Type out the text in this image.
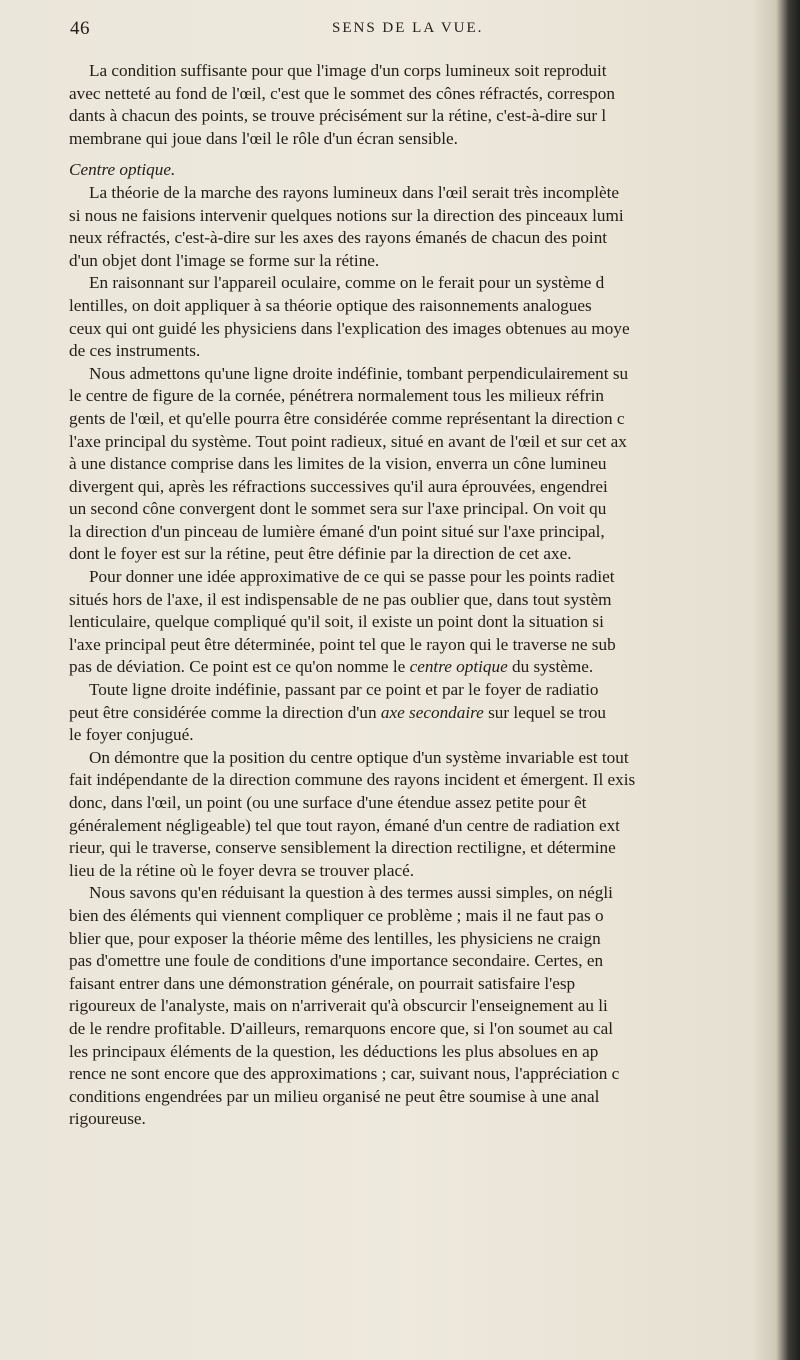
46	SENS DE LA VUE.
La condition suffisante pour que l'image d'un corps lumineux soit reproduit
avec netteté au fond de l'œil, c'est que le sommet des cônes réfractés, correspon
dants à chacun des points, se trouve précisément sur la rétine, c'est-à-dire sur l
membrane qui joue dans l'œil le rôle d'un écran sensible.
Centre optique.
La théorie de la marche des rayons lumineux dans l'œil serait très incomplète
si nous ne faisions intervenir quelques notions sur la direction des pinceaux lumi
neux réfractés, c'est-à-dire sur les axes des rayons émanés de chacun des point
d'un objet dont l'image se forme sur la rétine.
En raisonnant sur l'appareil oculaire, comme on le ferait pour un système d
lentilles, on doit appliquer à sa théorie optique des raisonnements analogues
ceux qui ont guidé les physiciens dans l'explication des images obtenues au moye
de ces instruments.
Nous admettons qu'une ligne droite indéfinie, tombant perpendiculairement su
le centre de figure de la cornée, pénétrera normalement tous les milieux réfrin
gents de l'œil, et qu'elle pourra être considérée comme représentant la direction c
l'axe principal du système. Tout point radieux, situé en avant de l'œil et sur cet ax
à une distance comprise dans les limites de la vision, enverra un cône lumineu
divergent qui, après les réfractions successives qu'il aura éprouvées, engendrei
un second cône convergent dont le sommet sera sur l'axe principal. On voit qu
la direction d'un pinceau de lumière émané d'un point situé sur l'axe principal,
dont le foyer est sur la rétine, peut être définie par la direction de cet axe.
Pour donner une idée approximative de ce qui se passe pour les points radiet
situés hors de l'axe, il est indispensable de ne pas oublier que, dans tout systèm
lenticulaire, quelque compliqué qu'il soit, il existe un point dont la situation si
l'axe principal peut être déterminée, point tel que le rayon qui le traverse ne sub
pas de déviation. Ce point est ce qu'on nomme le centre optique du système.
Toute ligne droite indéfinie, passant par ce point et par le foyer de radiatio
peut être considérée comme la direction d'un axe secondaire sur lequel se trou
le foyer conjugué.
On démontre que la position du centre optique d'un système invariable est tout
fait indépendante de la direction commune des rayons incident et émergent. Il exis
donc, dans l'œil, un point (ou une surface d'une étendue assez petite pour êt
généralement négligeable) tel que tout rayon, émané d'un centre de radiation ext
rieur, qui le traverse, conserve sensiblement la direction rectiligne, et détermine
lieu de la rétine où le foyer devra se trouver placé.
Nous savons qu'en réduisant la question à des termes aussi simples, on négli
bien des éléments qui viennent compliquer ce problème ; mais il ne faut pas o
blier que, pour exposer la théorie même des lentilles, les physiciens ne craign
pas d'omettre une foule de conditions d'une importance secondaire. Certes, en
faisant entrer dans une démonstration générale, on pourrait satisfaire l'esp
rigoureux de l'analyste, mais on n'arriverait qu'à obscurcir l'enseignement au li
de le rendre profitable. D'ailleurs, remarquons encore que, si l'on soumet au cal
les principaux éléments de la question, les déductions les plus absolues en ap
rence ne sont encore que des approximations ; car, suivant nous, l'appréciation c
conditions engendrées par un milieu organisé ne peut être soumise à une anal
rigoureuse.
